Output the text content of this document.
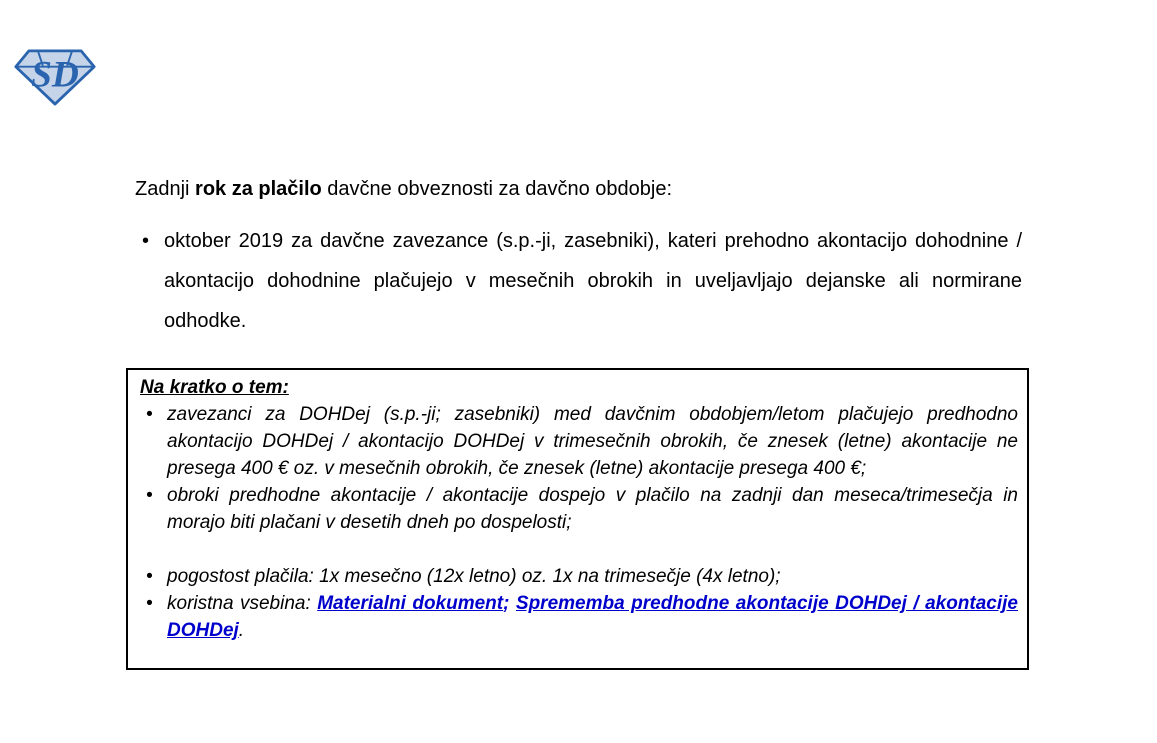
SD
Zadnji rok za plačilo davčne obveznosti za davčno obdobje:
• oktober 2019 za davčne zavezance (s.p.-ji, zasebniki), kateri prehodno akontacijo dohodnine / akontacijo dohodnine plačujejo v mesečnih obrokih in uveljavljajo dejanske ali normirane odhodke.
Na kratko o tem:
• zavezanci za DOHDej (s.p.-ji; zasebniki) med davčnim obdobjem/letom plačujejo predhodno akontacijo DOHDej / akontacijo DOHDej v trimesečnih obrokih, če znesek (letne) akontacije ne presega 400 € oz. v mesečnih obrokih, če znesek (letne) akontacije presega 400 €;
• obroki predhodne akontacije / akontacije dospejo v plačilo na zadnji dan meseca/trimesečja in morajo biti plačani v desetih dneh po dospelosti;
• pogostost plačila: 1x mesečno (12x letno) oz. 1x na trimesečje (4x letno);
• koristna vsebina: Materialni dokument; Sprememba predhodne akontacije DOHDej / akontacije DOHDej.
